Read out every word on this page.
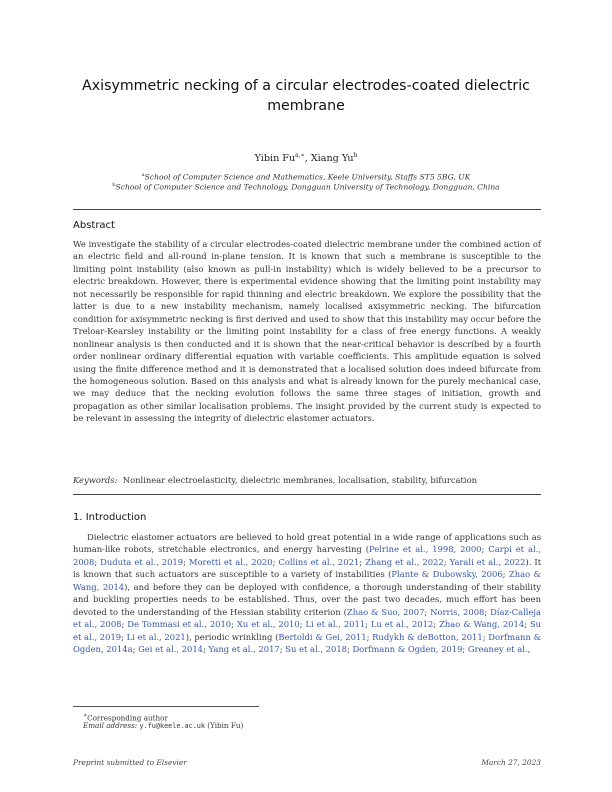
Axisymmetric necking of a circular electrodes-coated dielectric membrane
Yibin $Fu^{a,∗}$, Xiang Yu$^b$
$^a$School of Computer Science and Mathematics, Keele University, Staffs ST5 5BG, UK
$^b$School of Computer Science and Technology, Dongguan University of Technology, Dongguan, China
Abstract
We investigate the stability of a circular electrodes-coated dielectric membrane under the combined action of an electric field and all-round in-plane tension. It is known that such a membrane is susceptible to the limiting point instability (also known as pull-in instability) which is widely believed to be a precursor to electric breakdown. However, there is experimental evidence showing that the limiting point instability may not necessarily be responsible for rapid thinning and electric breakdown. We explore the possibility that the latter is due to a new instability mechanism, namely localised axisymmetric necking. The bifurcation condition for axisymmetric necking is first derived and used to show that this instability may occur before the Treloar-Kearsley instability or the limiting point instability for a class of free energy functions. A weakly nonlinear analysis is then conducted and it is shown that the near-critical behavior is described by a fourth order nonlinear ordinary differential equation with variable coefficients. This amplitude equation is solved using the finite difference method and it is demonstrated that a localised solution does indeed bifurcate from the homogeneous solution. Based on this analysis and what is already known for the purely mechanical case, we may deduce that the necking evolution follows the same three stages of initiation, growth and propagation as other similar localisation problems. The insight provided by the current study is expected to be relevant in assessing the integrity of dielectric elastomer actuators.
Keywords: Nonlinear electroelasticity, dielectric membranes, localisation, stability, bifurcation
1. Introduction
Dielectric elastomer actuators are believed to hold great potential in a wide range of applications such as human-like robots, stretchable electronics, and energy harvesting (Pelrine et al., 1998, 2000; Carpi et al., 2008; Duduta et al., 2019; Moretti et al., 2020; Collins et al., 2021; Zhang et al., 2022; Yarali et al., 2022). It is known that such actuators are susceptible to a variety of instabilities (Plante & Dubowsky, 2006; Zhao & Wang, 2014), and before they can be deployed with confidence, a thorough understanding of their stability and buckling properties needs to be established. Thus, over the past two decades, much effort has been devoted to the understanding of the Hessian stability criterion (Zhao & Suo, 2007; Norris, 2008; Díaz-Calleja et al., 2008; De Tommasi et al., 2010; Xu et al., 2010; Li et al., 2011; Lu et al., 2012; Zhao & Wang, 2014; Su et al., 2019; Li et al., 2021), periodic wrinkling (Bertoldi & Gei, 2011; Rudykh & deBotton, 2011; Dorfmann & Ogden, 2014a; Gei et al., 2014; Yang et al., 2017; Su et al., 2018; Dorfmann & Ogden, 2019; Greaney et al.,
∗Corresponding author
Email address: y.fu@keele.ac.uk (Yibin Fu)
Preprint submitted to Elsevier	March 27, 2023
